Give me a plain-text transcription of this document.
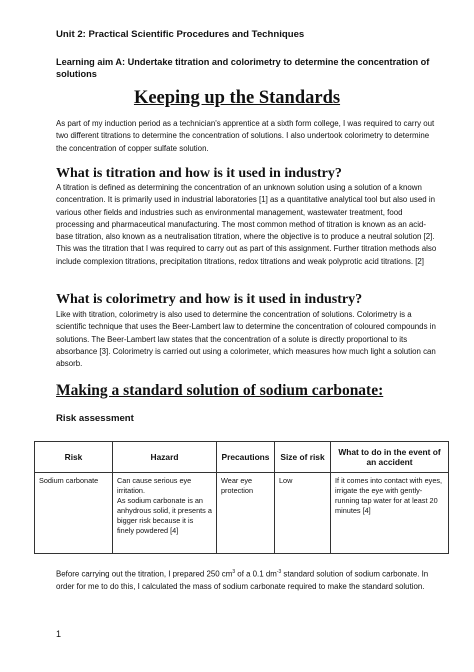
Unit 2: Practical Scientific Procedures and Techniques
Learning aim A: Undertake titration and colorimetry to determine the concentration of solutions
Keeping up the Standards
As part of my induction period as a technician's apprentice at a sixth form college, I was required to carry out two different titrations to determine the concentration of solutions. I also undertook colorimetry to determine the concentration of copper sulfate solution.
What is titration and how is it used in industry?
A titration is defined as determining the concentration of an unknown solution using a solution of a known concentration. It is primarily used in industrial laboratories [1] as a quantitative analytical tool but also used in various other fields and industries such as environmental management, wastewater treatment, food processing and pharmaceutical manufacturing. The most common method of titration is known as an acid-base titration, also known as a neutralisation titration, where the objective is to produce a neutral solution [2]. This was the titration that I was required to carry out as part of this assignment. Further titration methods also include complexion titrations, precipitation titrations, redox titrations and weak polyprotic acid titrations. [2]
What is colorimetry and how is it used in industry?
Like with titration, colorimetry is also used to determine the concentration of solutions. Colorimetry is a scientific technique that uses the Beer-Lambert law to determine the concentration of coloured compounds in solutions. The Beer-Lambert law states that the concentration of a solute is directly proportional to its absorbance [3]. Colorimetry is carried out using a colorimeter, which measures how much light a solution can absorb.
Making a standard solution of sodium carbonate:
Risk assessment
Risk	Hazard	Precautions	Size of risk	What to do in the event of an accident
Sodium carbonate	Can cause serious eye irritation.
As sodium carbonate is an anhydrous solid, it presents a bigger risk because it is finely powdered [4]	Wear eye protection	Low	If it comes into contact with eyes, irrigate the eye with gently-running tap water for at least 20 minutes [4]
Before carrying out the titration, I prepared 250 $cm^3$ of a 0.1 $dm^{-3}$ standard solution of sodium carbonate. In order for me to do this, I calculated the mass of sodium carbonate required to make the standard solution.
1
